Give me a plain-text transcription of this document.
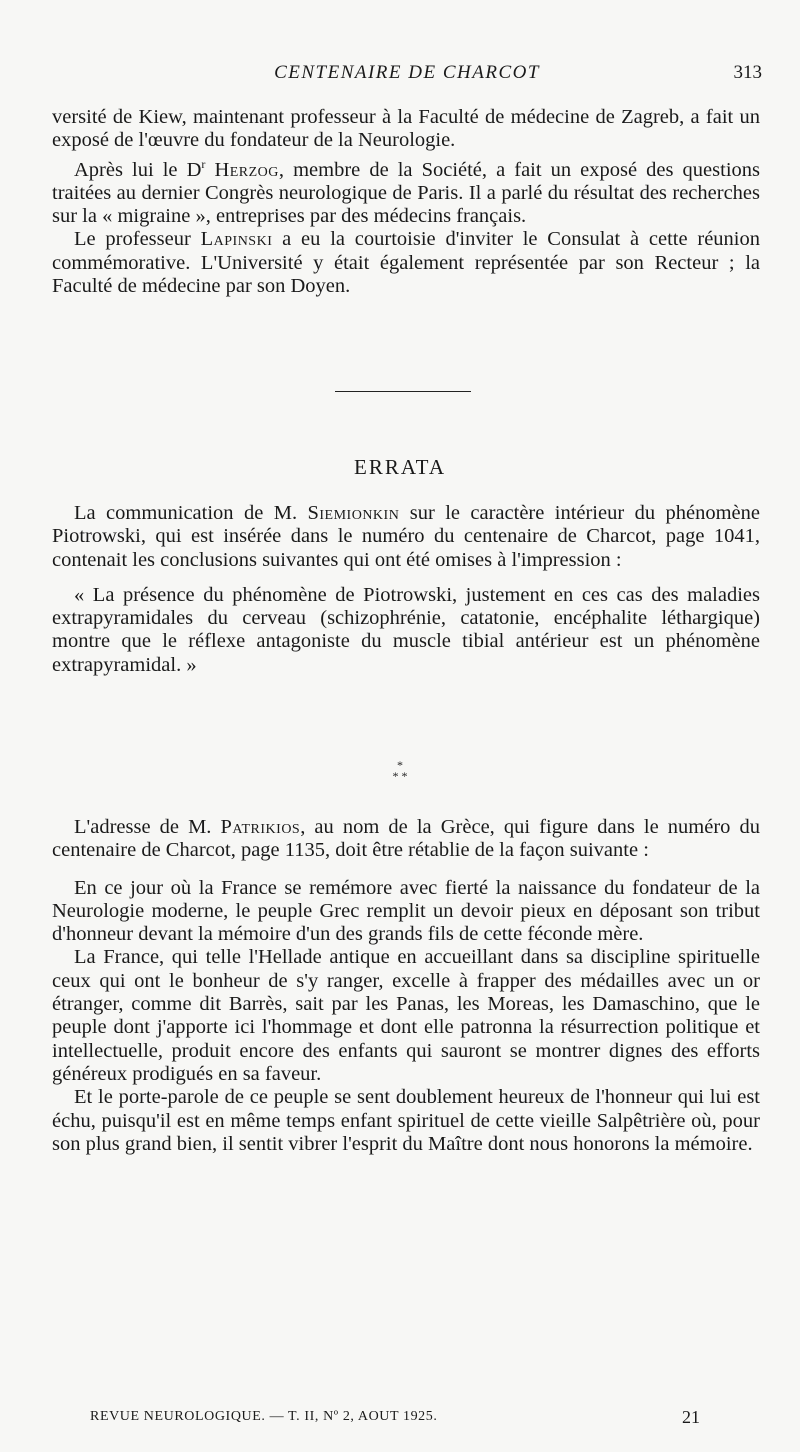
CENTENAIRE DE CHARCOT	313

versité de Kiew, maintenant professeur à la Faculté de médecine de Zagreb, a fait un exposé de l'œuvre du fondateur de la Neurologie.

Après lui le $D^r$ Herzog, membre de la Société, a fait un exposé des questions traitées au dernier Congrès neurologique de Paris. Il a parlé du résultat des recherches sur la « migraine », entreprises par des médecins français.

Le professeur Lapinski a eu la courtoisie d'inviter le Consulat à cette réunion commémorative. L'Université y était également représentée par son Recteur ; la Faculté de médecine par son Doyen.

ERRATA

La communication de M. Siemionkin sur le caractère intérieur du phénomène Piotrowski, qui est insérée dans le numéro du centenaire de Charcot, page 1041, contenait les conclusions suivantes qui ont été omises à l'impression :

« La présence du phénomène de Piotrowski, justement en ces cas des maladies extrapyramidales du cerveau (schizophrénie, catatonie, encéphalite léthargique) montre que le réflexe antagoniste du muscle tibial antérieur est un phénomène extrapyramidal. »

*
* *

L'adresse de M. Patrikios, au nom de la Grèce, qui figure dans le numéro du centenaire de Charcot, page 1135, doit être rétablie de la façon suivante :

En ce jour où la France se remémore avec fierté la naissance du fondateur de la Neurologie moderne, le peuple Grec remplit un devoir pieux en déposant son tribut d'honneur devant la mémoire d'un des grands fils de cette féconde mère.

La France, qui telle l'Hellade antique en accueillant dans sa discipline spirituelle ceux qui ont le bonheur de s'y ranger, excelle à frapper des médailles avec un or étranger, comme dit Barrès, sait par les Panas, les Moreas, les Damaschino, que le peuple dont j'apporte ici l'hommage et dont elle patronna la résurrection politique et intellectuelle, produit encore des enfants qui sauront se montrer dignes des efforts généreux prodigués en sa faveur.

Et le porte-parole de ce peuple se sent doublement heureux de l'honneur qui lui est échu, puisqu'il est en même temps enfant spirituel de cette vieille Salpêtrière où, pour son plus grand bien, il sentit vibrer l'esprit du Maître dont nous honorons la mémoire.

REVUE NEUROLOGIQUE. — T. II, Nº 2, AOUT 1925.	21
